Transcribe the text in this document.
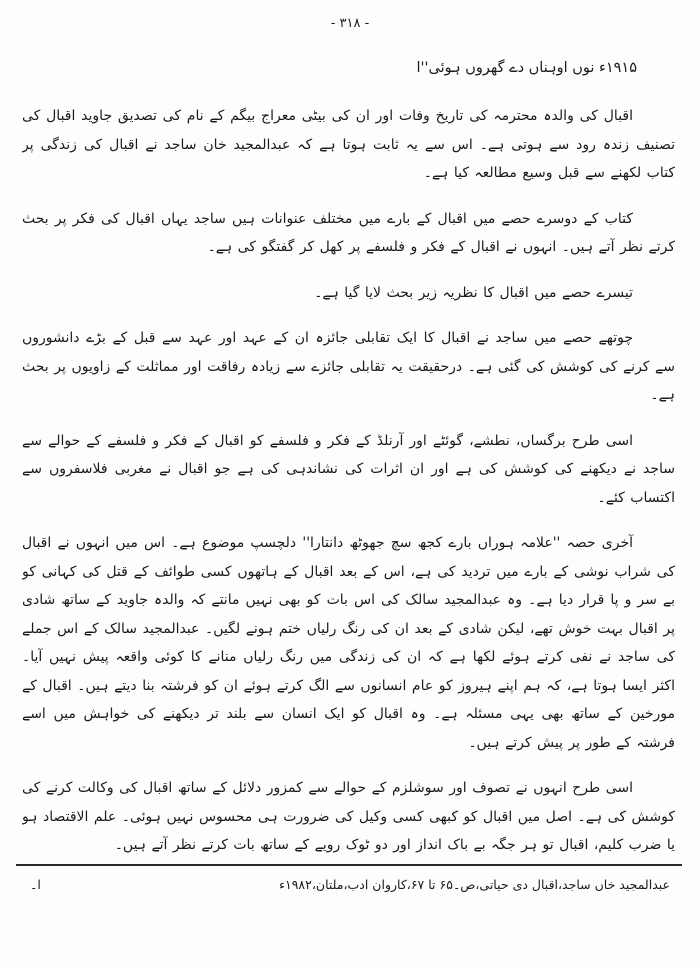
- ۳۱۸ -

۱۹۱۵ء نوں اوہناں دے گھروں ہوئی''ا

اقبال کی والدہ محترمہ کی تاریخ وفات اور ان کی بیٹی معراج بیگم کے نام کی تصدیق جاوید اقبال کی تصنیف زندہ رود سے ہوتی ہے۔ اس سے یہ ثابت ہوتا ہے کہ عبدالمجید خان ساجد نے اقبال کی زندگی پر کتاب لکھنے سے قبل وسیع مطالعہ کیا ہے۔

کتاب کے دوسرے حصے میں اقبال کے بارے میں مختلف عنوانات ہیں ساجد یہاں اقبال کی فکر پر بحث کرتے نظر آتے ہیں۔ انہوں نے اقبال کے فکر و فلسفے پر کھل کر گفتگو کی ہے۔

تیسرے حصے میں اقبال کا نظریہ زیر بحث لایا گیا ہے۔

چوتھے حصے میں ساجد نے اقبال کا ایک تقابلی جائزہ ان کے عہد اور عہد سے قبل کے بڑے دانشوروں سے کرنے کی کوشش کی گئی ہے۔ درحقیقت یہ تقابلی جائزے سے زیادہ رفاقت اور مماثلت کے زاویوں پر بحث ہے۔

اسی طرح برگساں، نطشے، گوئٹے اور آرنلڈ کے فکر و فلسفے کو اقبال کے فکر و فلسفے کے حوالے سے ساجد نے دیکھنے کی کوشش کی ہے اور ان اثرات کی نشاندہی کی ہے جو اقبال نے مغربی فلاسفروں سے اکتساب کئے۔

آخری حصہ ''علامہ ہوراں بارے کجھ سچ جھوٹھ دانتارا'' دلچسپ موضوع ہے۔ اس میں انہوں نے اقبال کی شراب نوشی کے بارے میں تردید کی ہے، اس کے بعد اقبال کے ہاتھوں کسی طوائف کے قتل کی کہانی کو بے سر و پا قرار دیا ہے۔ وہ عبدالمجید سالک کی اس بات کو بھی نہیں مانتے کہ والدہ جاوید کے ساتھ شادی پر اقبال بہت خوش تھے، لیکن شادی کے بعد ان کی رنگ رلیاں ختم ہونے لگیں۔ عبدالمجید سالک کے اس جملے کی ساجد نے نفی کرتے ہوئے لکھا ہے کہ ان کی زندگی میں رنگ رلیاں منانے کا کوئی واقعہ پیش نہیں آیا۔ اکثر ایسا ہوتا ہے، کہ ہم اپنے ہیروز کو عام انسانوں سے الگ کرتے ہوئے ان کو فرشتہ بنا دیتے ہیں۔ اقبال کے مورخین کے ساتھ بھی یہی مسئلہ ہے۔ وہ اقبال کو ایک انسان سے بلند تر دیکھنے کی خواہش میں اسے فرشتہ کے طور پر پیش کرتے ہیں۔

اسی طرح انہوں نے تصوف اور سوشلزم کے حوالے سے کمزور دلائل کے ساتھ اقبال کی وکالت کرنے کی کوشش کی ہے۔ اصل میں اقبال کو کبھی کسی وکیل کی ضرورت ہی محسوس نہیں ہوئی۔ علم الاقتصاد ہو یا ضرب کلیم، اقبال تو ہر جگہ بے باک انداز اور دو ٹوک رویے کے ساتھ بات کرتے نظر آتے ہیں۔

عبدالمجید خاں ساجد،اقبال دی حیاتی،ص۔۶۵ تا ۶۷،کاروان ادب،ملتان،۱۹۸۲ء
ا۔
